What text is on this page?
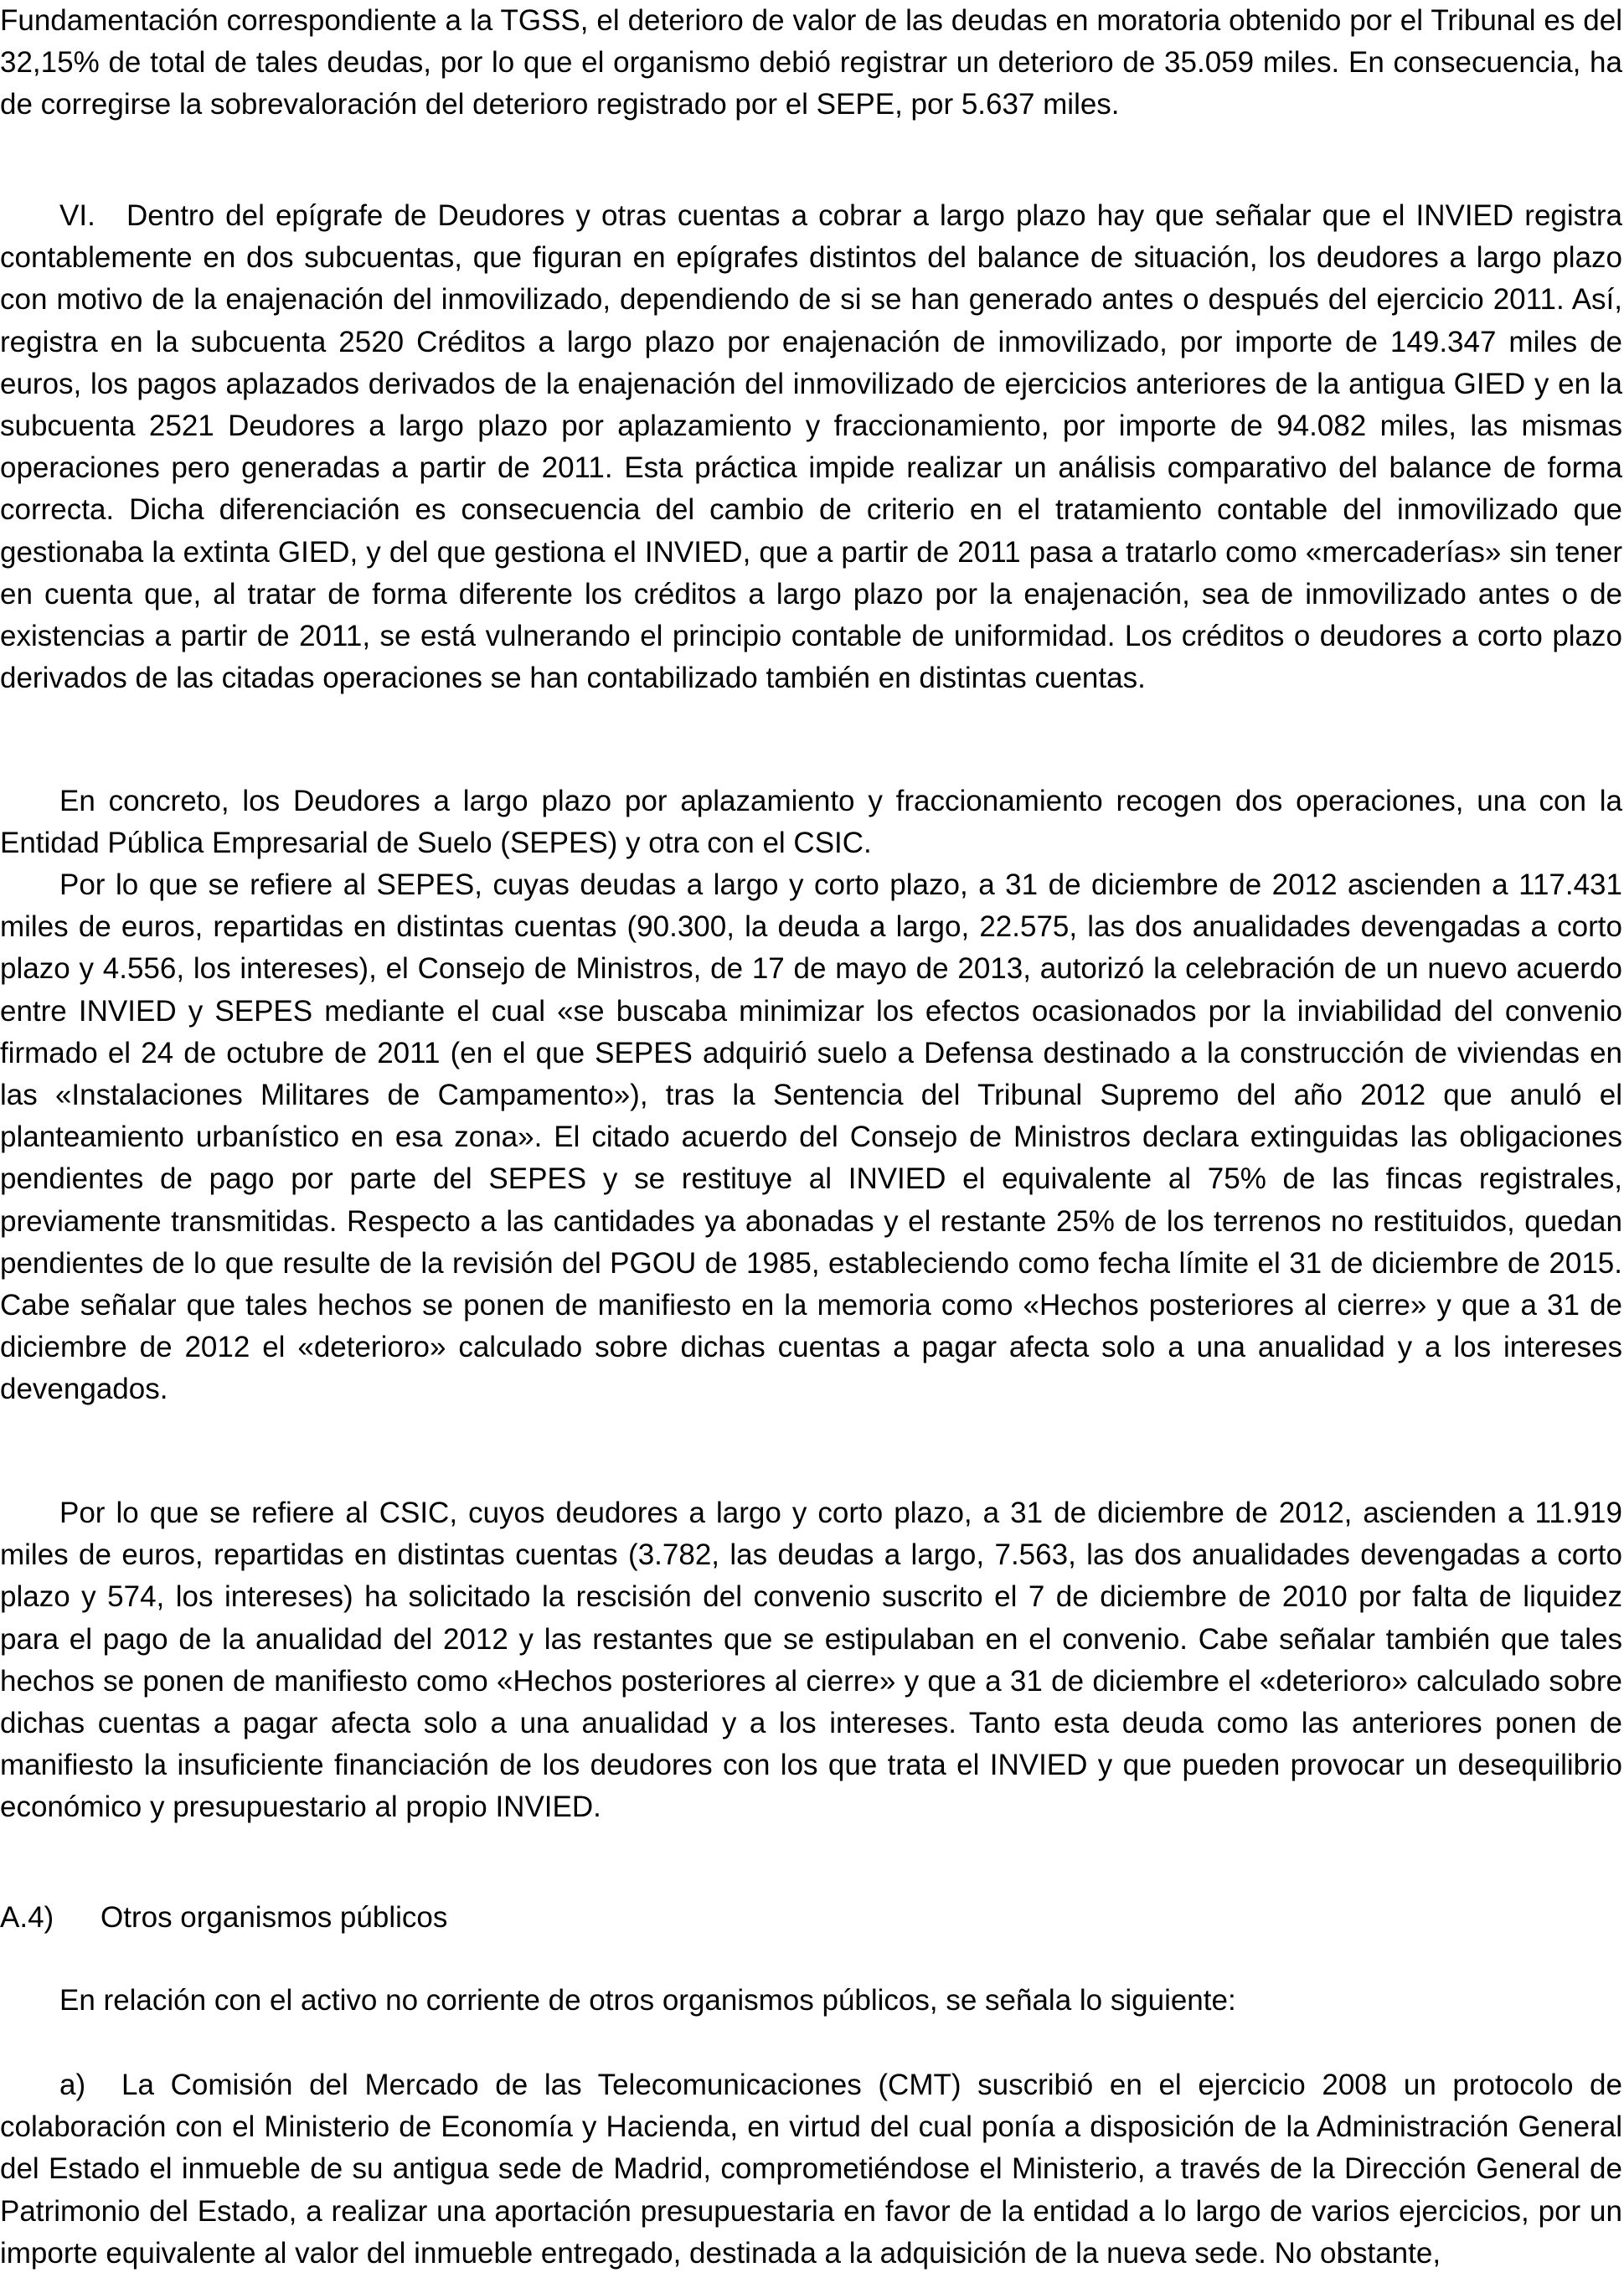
Fundamentación correspondiente a la TGSS, el deterioro de valor de las deudas en moratoria obtenido por el Tribunal es del 32,15% de total de tales deudas, por lo que el organismo debió registrar un deterioro de 35.059 miles. En consecuencia, ha de corregirse la sobrevaloración del deterioro registrado por el SEPE, por 5.637 miles.

VI. Dentro del epígrafe de Deudores y otras cuentas a cobrar a largo plazo hay que señalar que el INVIED registra contablemente en dos subcuentas, que figuran en epígrafes distintos del balance de situación, los deudores a largo plazo con motivo de la enajenación del inmovilizado, dependiendo de si se han generado antes o después del ejercicio 2011. Así, registra en la subcuenta 2520 Créditos a largo plazo por enajenación de inmovilizado, por importe de 149.347 miles de euros, los pagos aplazados derivados de la enajenación del inmovilizado de ejercicios anteriores de la antigua GIED y en la subcuenta 2521 Deudores a largo plazo por aplazamiento y fraccionamiento, por importe de 94.082 miles, las mismas operaciones pero generadas a partir de 2011. Esta práctica impide realizar un análisis comparativo del balance de forma correcta. Dicha diferenciación es consecuencia del cambio de criterio en el tratamiento contable del inmovilizado que gestionaba la extinta GIED, y del que gestiona el INVIED, que a partir de 2011 pasa a tratarlo como «mercaderías» sin tener en cuenta que, al tratar de forma diferente los créditos a largo plazo por la enajenación, sea de inmovilizado antes o de existencias a partir de 2011, se está vulnerando el principio contable de uniformidad. Los créditos o deudores a corto plazo derivados de las citadas operaciones se han contabilizado también en distintas cuentas.

En concreto, los Deudores a largo plazo por aplazamiento y fraccionamiento recogen dos operaciones, una con la Entidad Pública Empresarial de Suelo (SEPES) y otra con el CSIC.

Por lo que se refiere al SEPES, cuyas deudas a largo y corto plazo, a 31 de diciembre de 2012 ascienden a 117.431 miles de euros, repartidas en distintas cuentas (90.300, la deuda a largo, 22.575, las dos anualidades devengadas a corto plazo y 4.556, los intereses), el Consejo de Ministros, de 17 de mayo de 2013, autorizó la celebración de un nuevo acuerdo entre INVIED y SEPES mediante el cual «se buscaba minimizar los efectos ocasionados por la inviabilidad del convenio firmado el 24 de octubre de 2011 (en el que SEPES adquirió suelo a Defensa destinado a la construcción de viviendas en las «Instalaciones Militares de Campamento»), tras la Sentencia del Tribunal Supremo del año 2012 que anuló el planteamiento urbanístico en esa zona». El citado acuerdo del Consejo de Ministros declara extinguidas las obligaciones pendientes de pago por parte del SEPES y se restituye al INVIED el equivalente al 75% de las fincas registrales, previamente transmitidas. Respecto a las cantidades ya abonadas y el restante 25% de los terrenos no restituidos, quedan pendientes de lo que resulte de la revisión del PGOU de 1985, estableciendo como fecha límite el 31 de diciembre de 2015. Cabe señalar que tales hechos se ponen de manifiesto en la memoria como «Hechos posteriores al cierre» y que a 31 de diciembre de 2012 el «deterioro» calculado sobre dichas cuentas a pagar afecta solo a una anualidad y a los intereses devengados.

Por lo que se refiere al CSIC, cuyos deudores a largo y corto plazo, a 31 de diciembre de 2012, ascienden a 11.919 miles de euros, repartidas en distintas cuentas (3.782, las deudas a largo, 7.563, las dos anualidades devengadas a corto plazo y 574, los intereses) ha solicitado la rescisión del convenio suscrito el 7 de diciembre de 2010 por falta de liquidez para el pago de la anualidad del 2012 y las restantes que se estipulaban en el convenio. Cabe señalar también que tales hechos se ponen de manifiesto como «Hechos posteriores al cierre» y que a 31 de diciembre el «deterioro» calculado sobre dichas cuentas a pagar afecta solo a una anualidad y a los intereses. Tanto esta deuda como las anteriores ponen de manifiesto la insuficiente financiación de los deudores con los que trata el INVIED y que pueden provocar un desequilibrio económico y presupuestario al propio INVIED.

A.4) Otros organismos públicos

En relación con el activo no corriente de otros organismos públicos, se señala lo siguiente:

a) La Comisión del Mercado de las Telecomunicaciones (CMT) suscribió en el ejercicio 2008 un protocolo de colaboración con el Ministerio de Economía y Hacienda, en virtud del cual ponía a disposición de la Administración General del Estado el inmueble de su antigua sede de Madrid, comprometiéndose el Ministerio, a través de la Dirección General de Patrimonio del Estado, a realizar una aportación presupuestaria en favor de la entidad a lo largo de varios ejercicios, por un importe equivalente al valor del inmueble entregado, destinada a la adquisición de la nueva sede. No obstante,
